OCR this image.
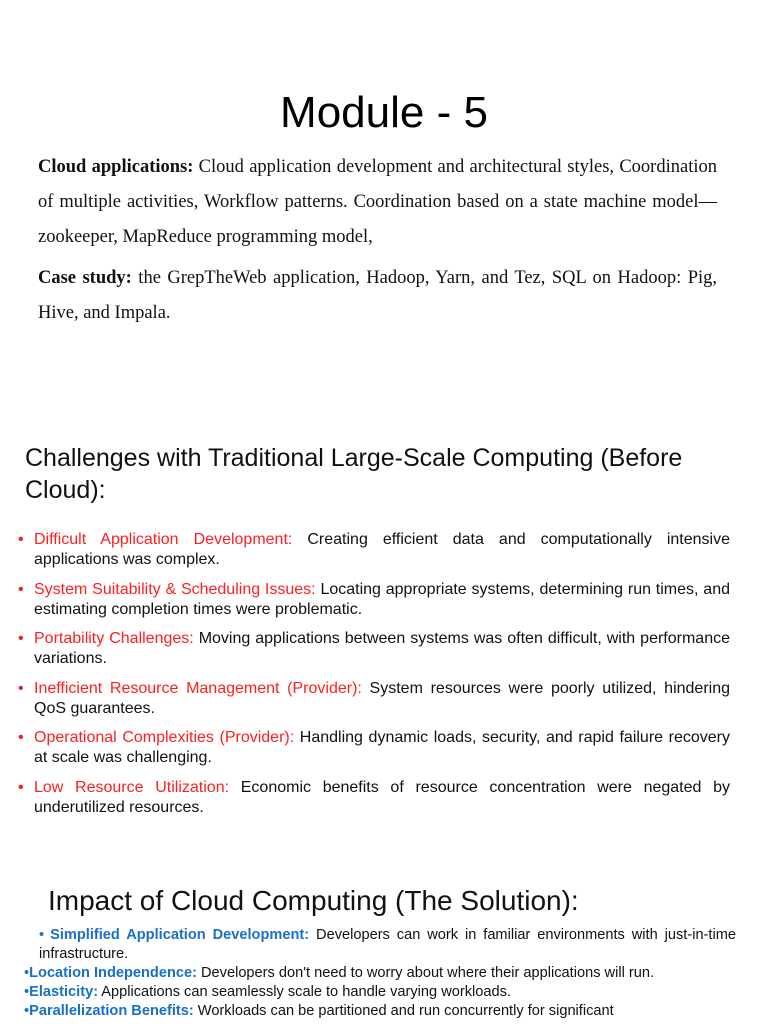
Module - 5
Cloud applications: Cloud application development and architectural styles, Coordination of multiple activities, Workflow patterns. Coordination based on a state machine model—zookeeper, MapReduce programming model,
Case study: the GrepTheWeb application, Hadoop, Yarn, and Tez, SQL on Hadoop: Pig, Hive, and Impala.
Challenges with Traditional Large-Scale Computing (Before Cloud):
• Difficult Application Development: Creating efficient data and computationally intensive applications was complex.
• System Suitability & Scheduling Issues: Locating appropriate systems, determining run times, and estimating completion times were problematic.
• Portability Challenges: Moving applications between systems was often difficult, with performance variations.
• Inefficient Resource Management (Provider): System resources were poorly utilized, hindering QoS guarantees.
• Operational Complexities (Provider): Handling dynamic loads, security, and rapid failure recovery at scale was challenging.
• Low Resource Utilization: Economic benefits of resource concentration were negated by underutilized resources.
Impact of Cloud Computing (The Solution):
• Simplified Application Development: Developers can work in familiar environments with just-in-time infrastructure.
•Location Independence: Developers don't need to worry about where their applications will run.
•Elasticity: Applications can seamlessly scale to handle varying workloads.
•Parallelization Benefits: Workloads can be partitioned and run concurrently for significant
